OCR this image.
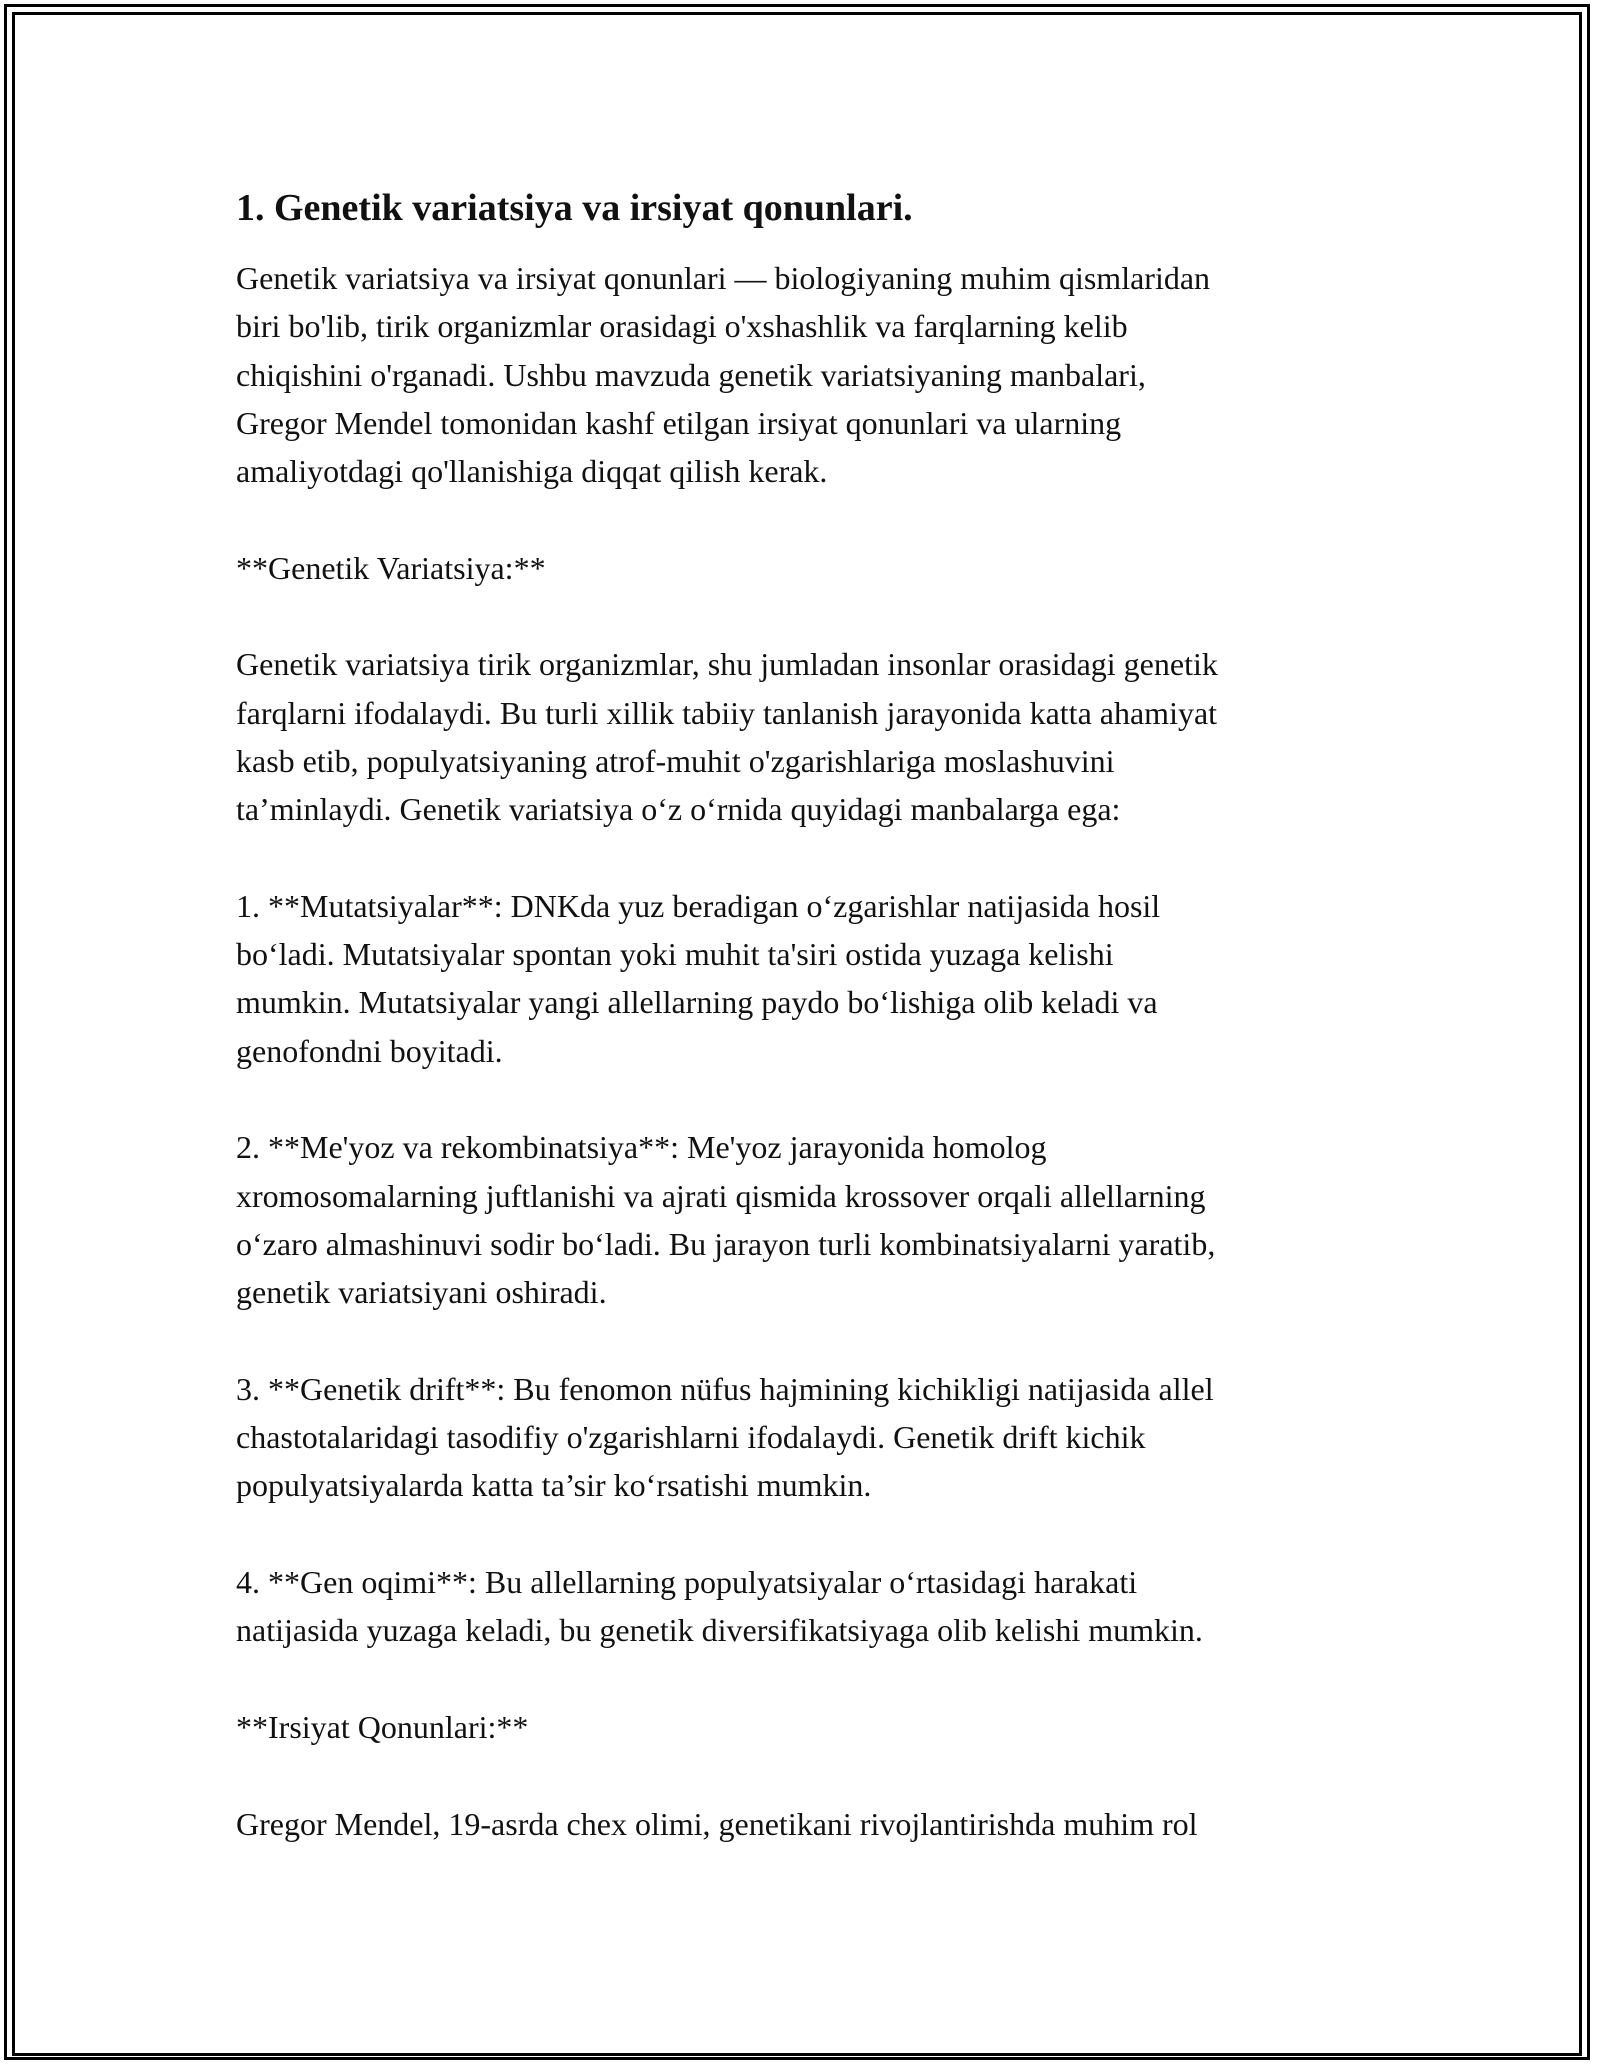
1. Genetik variatsiya va irsiyat qonunlari.
Genetik variatsiya va irsiyat qonunlari — biologiyaning muhim qismlaridan
biri bo'lib, tirik organizmlar orasidagi o'xshashlik va farqlarning kelib
chiqishini o'rganadi. Ushbu mavzuda genetik variatsiyaning manbalari,
Gregor Mendel tomonidan kashf etilgan irsiyat qonunlari va ularning
amaliyotdagi qo'llanishiga diqqat qilish kerak.
**Genetik Variatsiya:**
Genetik variatsiya tirik organizmlar, shu jumladan insonlar orasidagi genetik
farqlarni ifodalaydi. Bu turli xillik tabiiy tanlanish jarayonida katta ahamiyat
kasb etib, populyatsiyaning atrof-muhit o'zgarishlariga moslashuvini
ta’minlaydi. Genetik variatsiya o‘z o‘rnida quyidagi manbalarga ega:
1. **Mutatsiyalar**: DNKda yuz beradigan o‘zgarishlar natijasida hosil
bo‘ladi. Mutatsiyalar spontan yoki muhit ta'siri ostida yuzaga kelishi
mumkin. Mutatsiyalar yangi allellarning paydo bo‘lishiga olib keladi va
genofondni boyitadi.
2. **Me'yoz va rekombinatsiya**: Me'yoz jarayonida homolog
xromosomalarning juftlanishi va ajrati qismida krossover orqali allellarning
o‘zaro almashinuvi sodir bo‘ladi. Bu jarayon turli kombinatsiyalarni yaratib,
genetik variatsiyani oshiradi.
3. **Genetik drift**: Bu fenomon nüfus hajmining kichikligi natijasida allel
chastotalaridagi tasodifiy o'zgarishlarni ifodalaydi. Genetik drift kichik
populyatsiyalarda katta ta’sir ko‘rsatishi mumkin.
4. **Gen oqimi**: Bu allellarning populyatsiyalar o‘rtasidagi harakati
natijasida yuzaga keladi, bu genetik diversifikatsiyaga olib kelishi mumkin.
**Irsiyat Qonunlari:**
Gregor Mendel, 19-asrda chex olimi, genetikani rivojlantirishda muhim rol
